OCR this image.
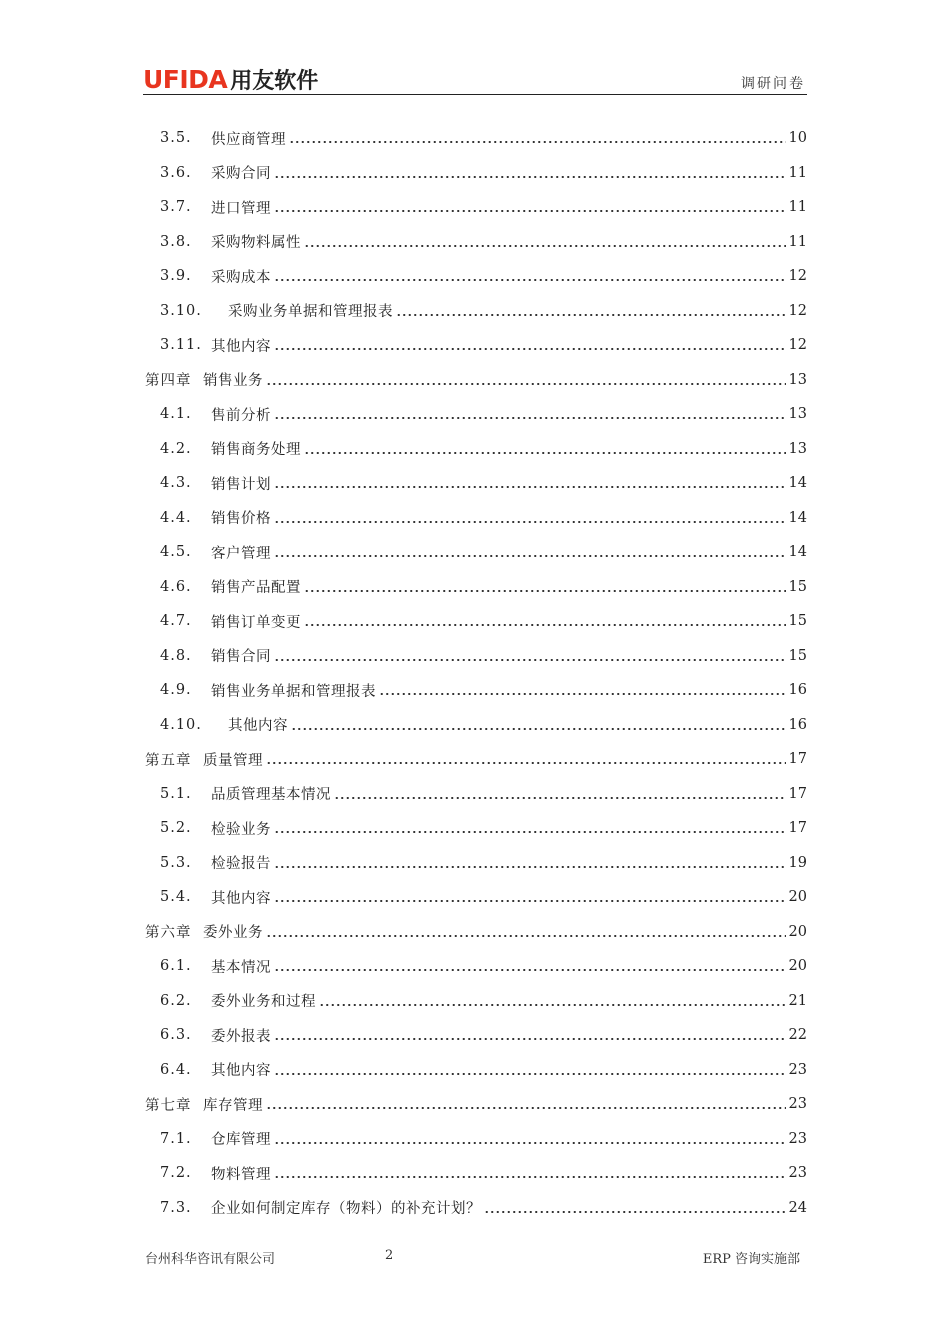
UFIDA 用友软件	调研问卷
3.5.	供应商管理	10
3.6.	采购合同	11
3.7.	进口管理	11
3.8.	采购物料属性	11
3.9.	采购成本	12
3.10.	采购业务单据和管理报表	12
3.11. 其他内容	12
第四章 销售业务	13
4.1.	售前分析	13
4.2.	销售商务处理	13
4.3.	销售计划	14
4.4.	销售价格	14
4.5.	客户管理	14
4.6.	销售产品配置	15
4.7.	销售订单变更	15
4.8.	销售合同	15
4.9.	销售业务单据和管理报表	16
4.10.	其他内容	16
第五章 质量管理	17
5.1.	品质管理基本情况	17
5.2.	检验业务	17
5.3.	检验报告	19
5.4.	其他内容	20
第六章 委外业务	20
6.1.	基本情况	20
6.2.	委外业务和过程	21
6.3.	委外报表	22
6.4.	其他内容	23
第七章 库存管理	23
7.1.	仓库管理	23
7.2.	物料管理	23
7.3.	企业如何制定库存（物料）的补充计划？	24
台州科华咨讯有限公司	2	ERP 咨询实施部
